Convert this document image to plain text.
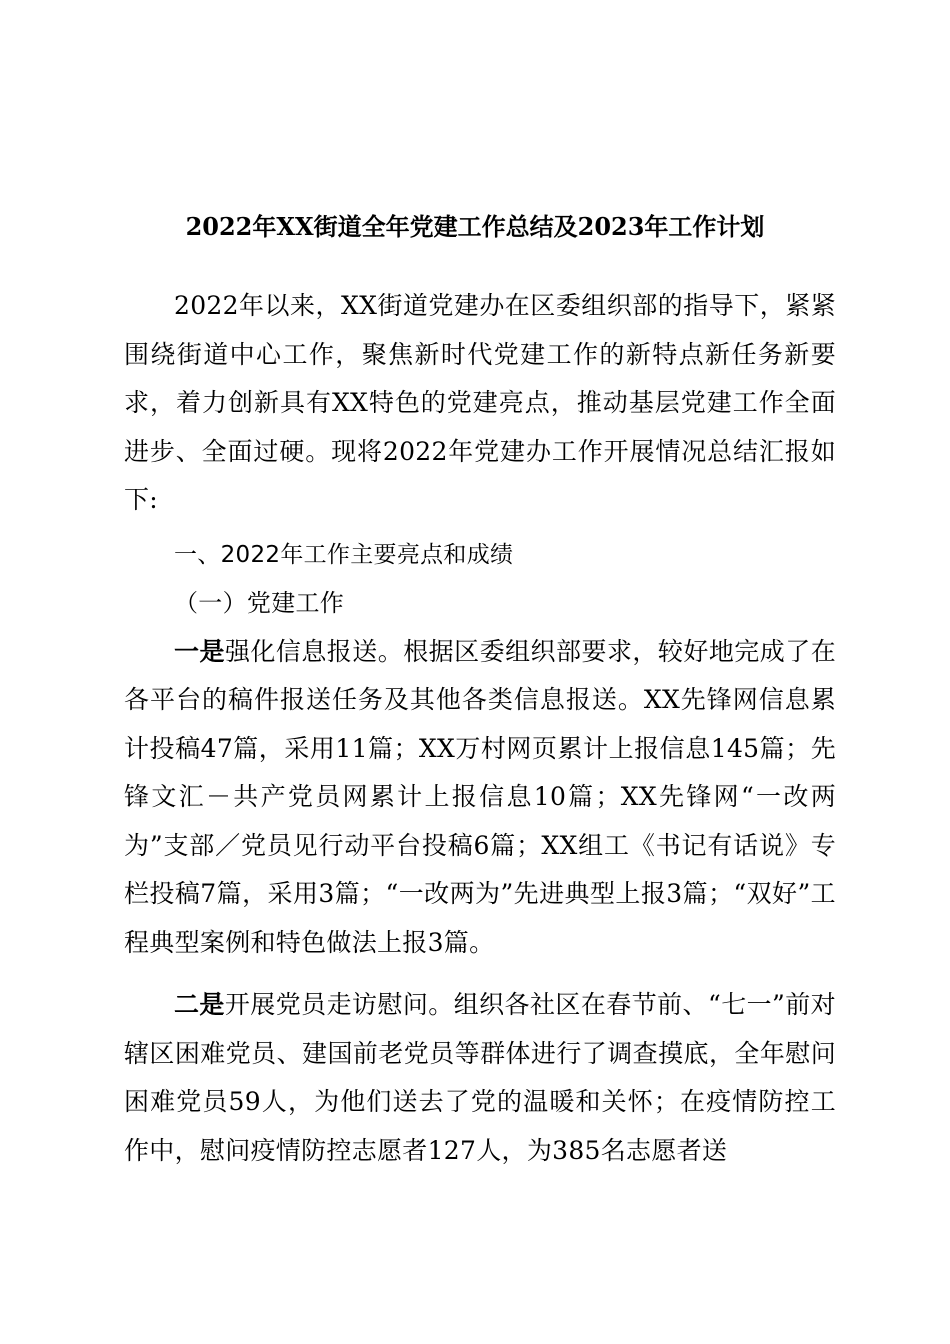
2022年XX街道全年党建工作总结及2023年工作计划

2022年以来，XX街道党建办在区委组织部的指导下，紧紧围绕街道中心工作，聚焦新时代党建工作的新特点新任务新要求，着力创新具有XX特色的党建亮点，推动基层党建工作全面进步、全面过硬。现将2022年党建办工作开展情况总结汇报如下:

一、2022年工作主要亮点和成绩

（一）党建工作

一是强化信息报送。根据区委组织部要求，较好地完成了在各平台的稿件报送任务及其他各类信息报送。XX先锋网信息累计投稿47篇，采用11篇；XX万村网页累计上报信息145篇；先锋文汇－共产党员网累计上报信息10篇；XX先锋网“一改两为”支部／党员见行动平台投稿6篇；XX组工《书记有话说》专栏投稿7篇，采用3篇；“一改两为”先进典型上报3篇；“双好”工程典型案例和特色做法上报3篇。

二是开展党员走访慰问。组织各社区在春节前、“七一”前对辖区困难党员、建国前老党员等群体进行了调查摸底，全年慰问困难党员59人，为他们送去了党的温暖和关怀；在疫情防控工作中，慰问疫情防控志愿者127人，为385名志愿者送
